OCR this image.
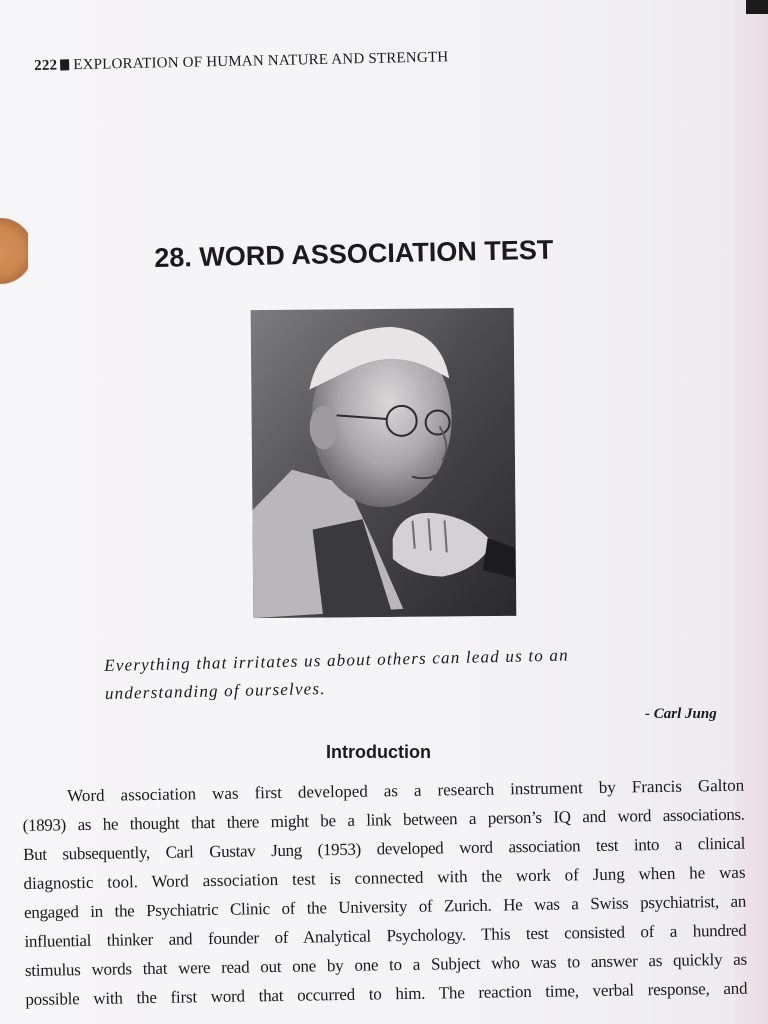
222 EXPLORATION OF HUMAN NATURE AND STRENGTH
28. WORD ASSOCIATION TEST
Everything that irritates us about others can lead us to an
understanding of ourselves.
- Carl Jung
Introduction
Word association was first developed as a research instrument by Francis Galton
(1893) as he thought that there might be a link between a person’s IQ and word associations.
But subsequently, Carl Gustav Jung (1953) developed word association test into a clinical
diagnostic tool. Word association test is connected with the work of Jung when he was
engaged in the Psychiatric Clinic of the University of Zurich. He was a Swiss psychiatrist, an
influential thinker and founder of Analytical Psychology. This test consisted of a hundred
stimulus words that were read out one by one to a Subject who was to answer as quickly as
possible with the first word that occurred to him. The reaction time, verbal response, and
